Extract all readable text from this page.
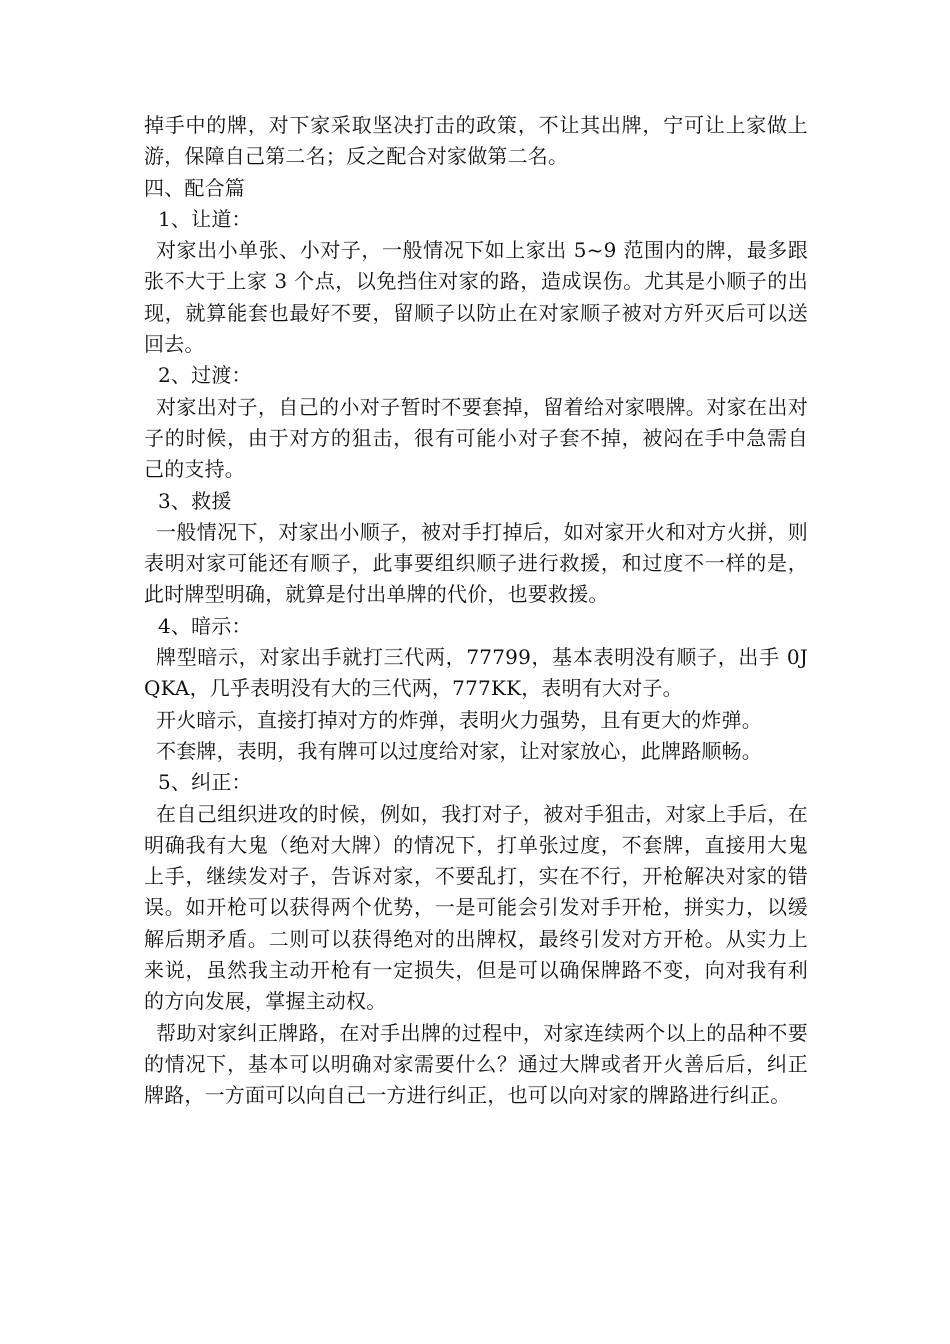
掉手中的牌，对下家采取坚决打击的政策，不让其出牌，宁可让上家做上游，保障自己第二名；反之配合对家做第二名。

四、配合篇

1、让道：

对家出小单张、小对子，一般情况下如上家出 5~9 范围内的牌，最多跟张不大于上家 3 个点，以免挡住对家的路，造成误伤。尤其是小顺子的出现，就算能套也最好不要，留顺子以防止在对家顺子被对方歼灭后可以送回去。

2、过渡：

对家出对子，自己的小对子暂时不要套掉，留着给对家喂牌。对家在出对子的时候，由于对方的狙击，很有可能小对子套不掉，被闷在手中急需自己的支持。

3、救援

一般情况下，对家出小顺子，被对手打掉后，如对家开火和对方火拼，则表明对家可能还有顺子，此事要组织顺子进行救援，和过度不一样的是，此时牌型明确，就算是付出单牌的代价，也要救援。

4、暗示：

牌型暗示，对家出手就打三代两，77799，基本表明没有顺子，出手 0JQKA，几乎表明没有大的三代两，777KK，表明有大对子。

开火暗示，直接打掉对方的炸弹，表明火力强势，且有更大的炸弹。

不套牌，表明，我有牌可以过度给对家，让对家放心，此牌路顺畅。

5、纠正：

在自己组织进攻的时候，例如，我打对子，被对手狙击，对家上手后，在明确我有大鬼（绝对大牌）的情况下，打单张过度，不套牌，直接用大鬼上手，继续发对子，告诉对家，不要乱打，实在不行，开枪解决对家的错误。如开枪可以获得两个优势，一是可能会引发对手开枪，拼实力，以缓解后期矛盾。二则可以获得绝对的出牌权，最终引发对方开枪。从实力上来说，虽然我主动开枪有一定损失，但是可以确保牌路不变，向对我有利的方向发展，掌握主动权。

帮助对家纠正牌路，在对手出牌的过程中，对家连续两个以上的品种不要的情况下，基本可以明确对家需要什么？通过大牌或者开火善后后，纠正牌路，一方面可以向自己一方进行纠正，也可以向对家的牌路进行纠正。
